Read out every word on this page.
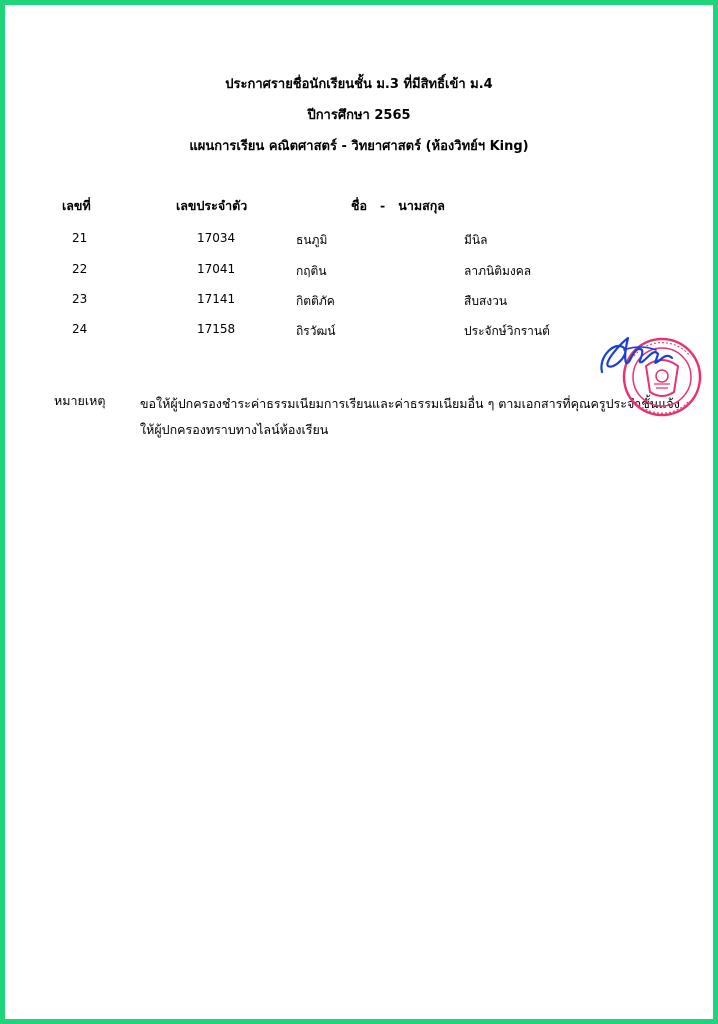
ประกาศรายชื่อนักเรียนชั้น ม.3 ที่มีสิทธิ์เข้า ม.4
ปีการศึกษา 2565
แผนการเรียน คณิตศาสตร์ - วิทยาศาสตร์ (ห้องวิทย์ฯ King)
เลขที่	เลขประจำตัว	ชื่อ   -   นามสกุล
21	17034	ธนภูมิ	มีนิล
22	17041	กฤติน	ลาภนิติมงคล
23	17141	กิตติภัค	สืบสงวน
24	17158	ถิรวัฒน์	ประจักษ์วิกรานต์
หมายเหตุ	ขอให้ผู้ปกครองชำระค่าธรรมเนียมการเรียนและค่าธรรมเนียมอื่น ๆ ตามเอกสารที่คุณครูประจำชั้นแจ้งให้ผู้ปกครองทราบทางไลน์ห้องเรียน
